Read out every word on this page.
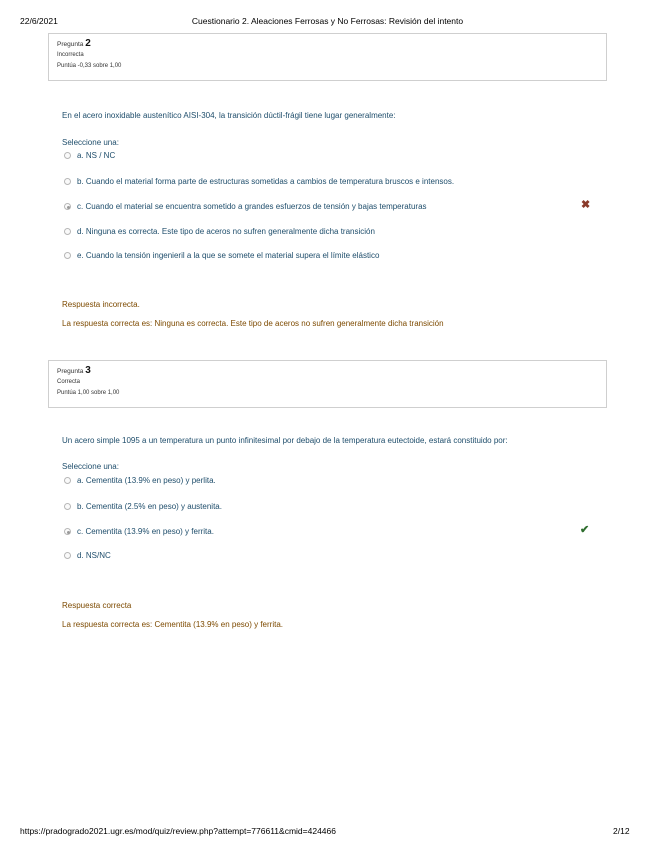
22/6/2021	Cuestionario 2. Aleaciones Ferrosas y No Ferrosas: Revisión del intento
Pregunta 2
Incorrecta
Puntúa -0,33 sobre 1,00
En el acero inoxidable austenítico AISI-304, la transición dúctil-frágil tiene lugar generalmente:
Seleccione una:
a. NS / NC
b. Cuando el material forma parte de estructuras sometidas a cambios de temperatura bruscos e intensos.
c. Cuando el material se encuentra sometido a grandes esfuerzos de tensión y bajas temperaturas	✖
d. Ninguna es correcta. Este tipo de aceros no sufren generalmente dicha transición
e. Cuando la tensión ingenieril a la que se somete el material supera el límite elástico
Respuesta incorrecta.
La respuesta correcta es: Ninguna es correcta. Este tipo de aceros no sufren generalmente dicha transición
Pregunta 3
Correcta
Puntúa 1,00 sobre 1,00
Un acero simple 1095 a un temperatura un punto infinitesimal por debajo de la temperatura eutectoide, estará constituido por:
Seleccione una:
a. Cementita (13.9% en peso) y perlita.
b. Cementita (2.5% en peso) y austenita.
c. Cementita (13.9% en peso) y ferrita.	✔
d. NS/NC
Respuesta correcta
La respuesta correcta es: Cementita (13.9% en peso) y ferrita.
https://pradogrado2021.ugr.es/mod/quiz/review.php?attempt=776611&cmid=424466	2/12
